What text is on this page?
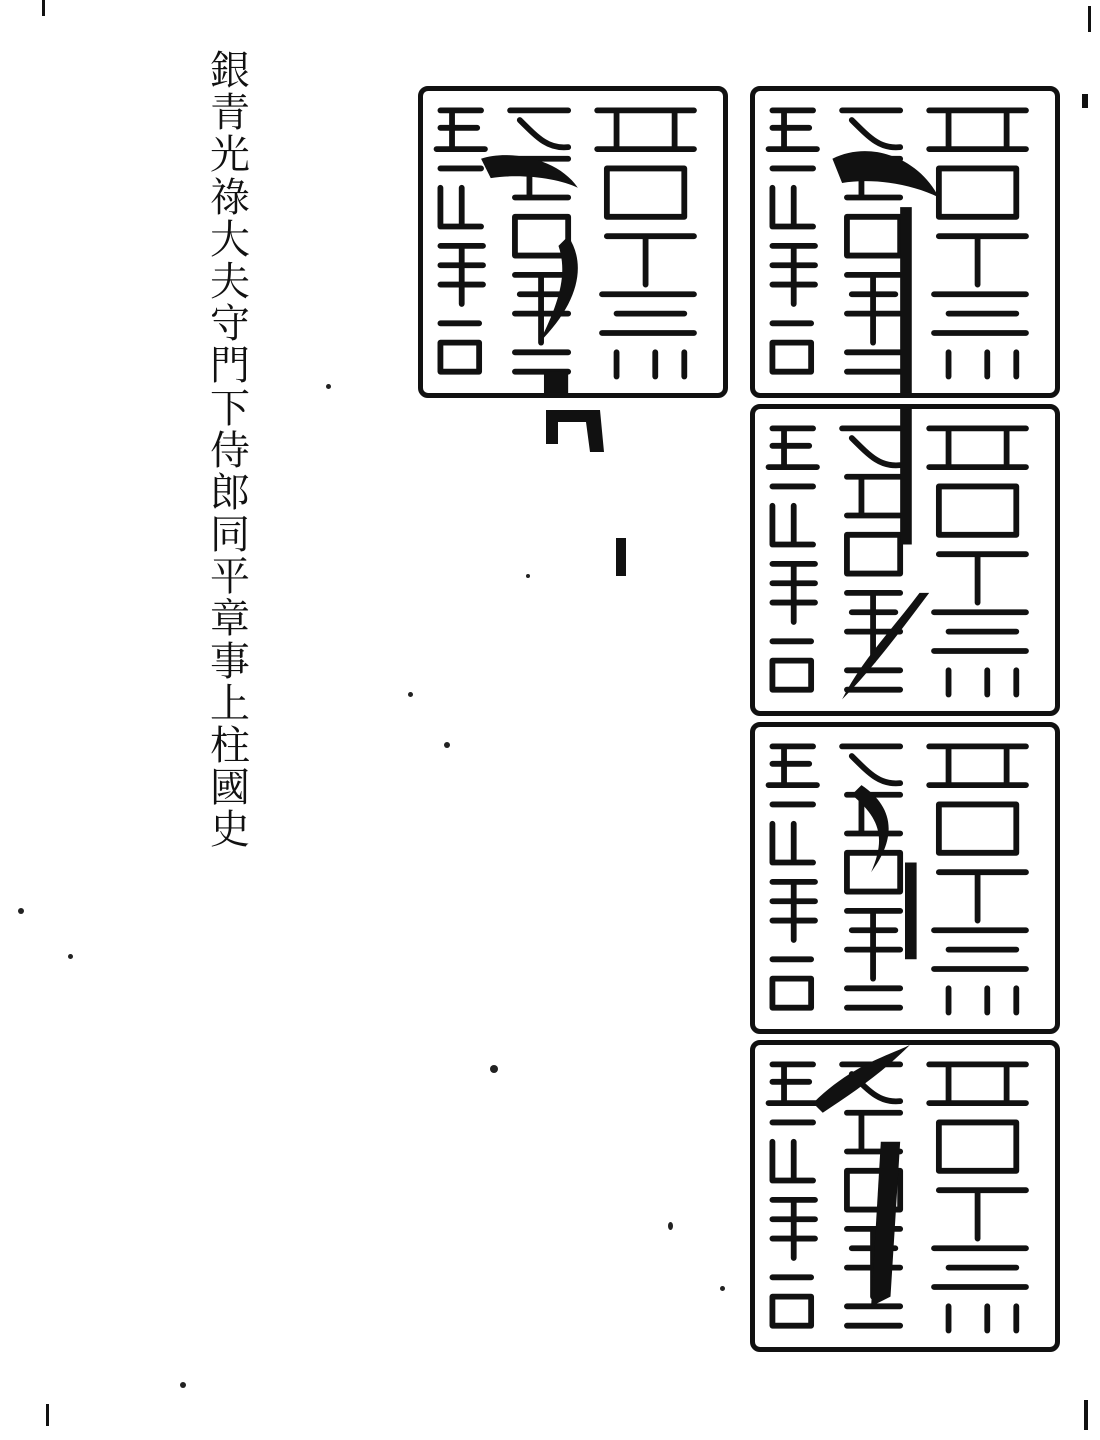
銀
青
光
祿
大
夫
守
門
下
侍
郎
同
平
章
事
上
柱
國
史
